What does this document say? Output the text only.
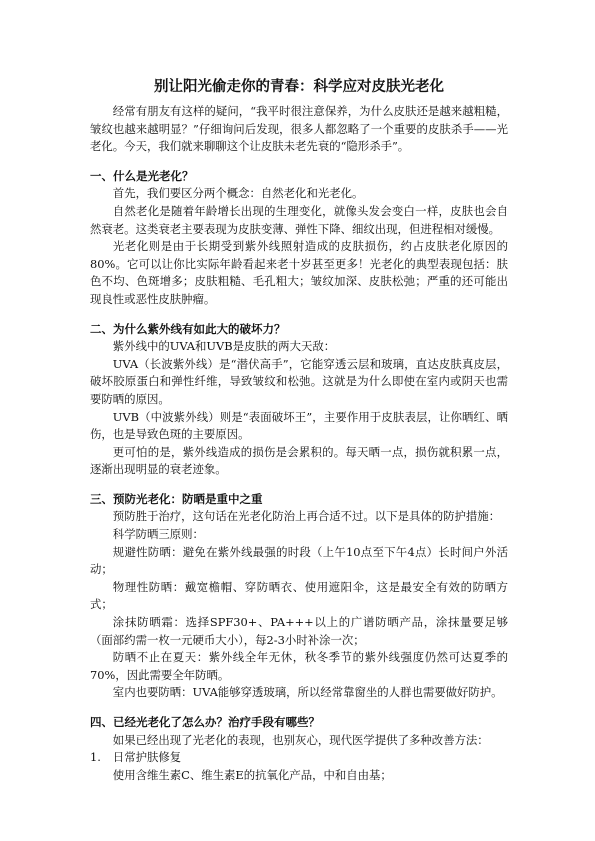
别让阳光偷走你的青春：科学应对皮肤光老化

经常有朋友有这样的疑问，“我平时很注意保养，为什么皮肤还是越来越粗糙，皱纹也越来越明显？”仔细询问后发现，很多人都忽略了一个重要的皮肤杀手——光老化。今天，我们就来聊聊这个让皮肤未老先衰的“隐形杀手”。

一、什么是光老化？

首先，我们要区分两个概念：自然老化和光老化。

自然老化是随着年龄增长出现的生理变化，就像头发会变白一样，皮肤也会自然衰老。这类衰老主要表现为皮肤变薄、弹性下降、细纹出现，但进程相对缓慢。

光老化则是由于长期受到紫外线照射造成的皮肤损伤，约占皮肤老化原因的80%。它可以让你比实际年龄看起来老十岁甚至更多！光老化的典型表现包括：肤色不均、色斑增多；皮肤粗糙、毛孔粗大；皱纹加深、皮肤松弛；严重的还可能出现良性或恶性皮肤肿瘤。

二、为什么紫外线有如此大的破坏力？

紫外线中的UVA和UVB是皮肤的两大天敌：

UVA（长波紫外线）是“潜伏高手”，它能穿透云层和玻璃，直达皮肤真皮层，破坏胶原蛋白和弹性纤维，导致皱纹和松弛。这就是为什么即使在室内或阴天也需要防晒的原因。

UVB（中波紫外线）则是“表面破坏王”，主要作用于皮肤表层，让你晒红、晒伤，也是导致色斑的主要原因。

更可怕的是，紫外线造成的损伤是会累积的。每天晒一点，损伤就积累一点，逐渐出现明显的衰老迹象。

三、预防光老化：防晒是重中之重

预防胜于治疗，这句话在光老化防治上再合适不过。以下是具体的防护措施：

科学防晒三原则：

规避性防晒：避免在紫外线最强的时段（上午10点至下午4点）长时间户外活动；

物理性防晒：戴宽檐帽、穿防晒衣、使用遮阳伞，这是最安全有效的防晒方式；

涂抹防晒霜：选择SPF30+、PA+++以上的广谱防晒产品，涂抹量要足够（面部约需一枚一元硬币大小），每2-3小时补涂一次；

防晒不止在夏天：紫外线全年无休，秋冬季节的紫外线强度仍然可达夏季的70%，因此需要全年防晒。

室内也要防晒：UVA能够穿透玻璃，所以经常靠窗坐的人群也需要做好防护。

四、已经光老化了怎么办？治疗手段有哪些？

如果已经出现了光老化的表现，也别灰心，现代医学提供了多种改善方法：

1. 日常护肤修复

使用含维生素C、维生素E的抗氧化产品，中和自由基；
